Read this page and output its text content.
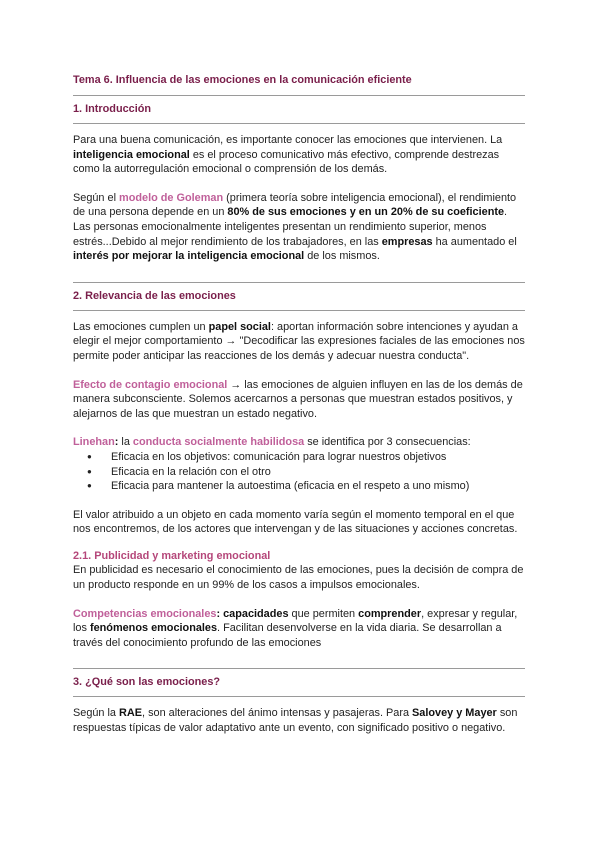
Tema 6. Influencia de las emociones en la comunicación eficiente
1. Introducción

Para una buena comunicación, es importante conocer las emociones que intervienen. La inteligencia emocional es el proceso comunicativo más efectivo, comprende destrezas como la autorregulación emocional o comprensión de los demás.

Según el modelo de Goleman (primera teoría sobre inteligencia emocional), el rendimiento de una persona depende en un 80% de sus emociones y en un 20% de su coeficiente. Las personas emocionalmente inteligentes presentan un rendimiento superior, menos estrés...Debido al mejor rendimiento de los trabajadores, en las empresas ha aumentado el interés por mejorar la inteligencia emocional de los mismos.

2. Relevancia de las emociones

Las emociones cumplen un papel social: aportan información sobre intenciones y ayudan a elegir el mejor comportamiento → "Decodificar las expresiones faciales de las emociones nos permite poder anticipar las reacciones de los demás y adecuar nuestra conducta".

Efecto de contagio emocional → las emociones de alguien influyen en las de los demás de manera subconsciente. Solemos acercarnos a personas que muestran estados positivos, y alejarnos de las que muestran un estado negativo.

Linehan: la conducta socialmente habilidosa se identifica por 3 consecuencias:

● Eficacia en los objetivos: comunicación para lograr nuestros objetivos
● Eficacia en la relación con el otro
● Eficacia para mantener la autoestima (eficacia en el respeto a uno mismo)

El valor atribuido a un objeto en cada momento varía según el momento temporal en el que nos encontremos, de los actores que intervengan y de las situaciones y acciones concretas.

2.1. Publicidad y marketing emocional

En publicidad es necesario el conocimiento de las emociones, pues la decisión de compra de un producto responde en un 99% de los casos a impulsos emocionales.

Competencias emocionales: capacidades que permiten comprender, expresar y regular, los fenómenos emocionales. Facilitan desenvolverse en la vida diaria. Se desarrollan a través del conocimiento profundo de las emociones

3. ¿Qué son las emociones?

Según la RAE, son alteraciones del ánimo intensas y pasajeras. Para Salovey y Mayer son respuestas típicas de valor adaptativo ante un evento, con significado positivo o negativo.
